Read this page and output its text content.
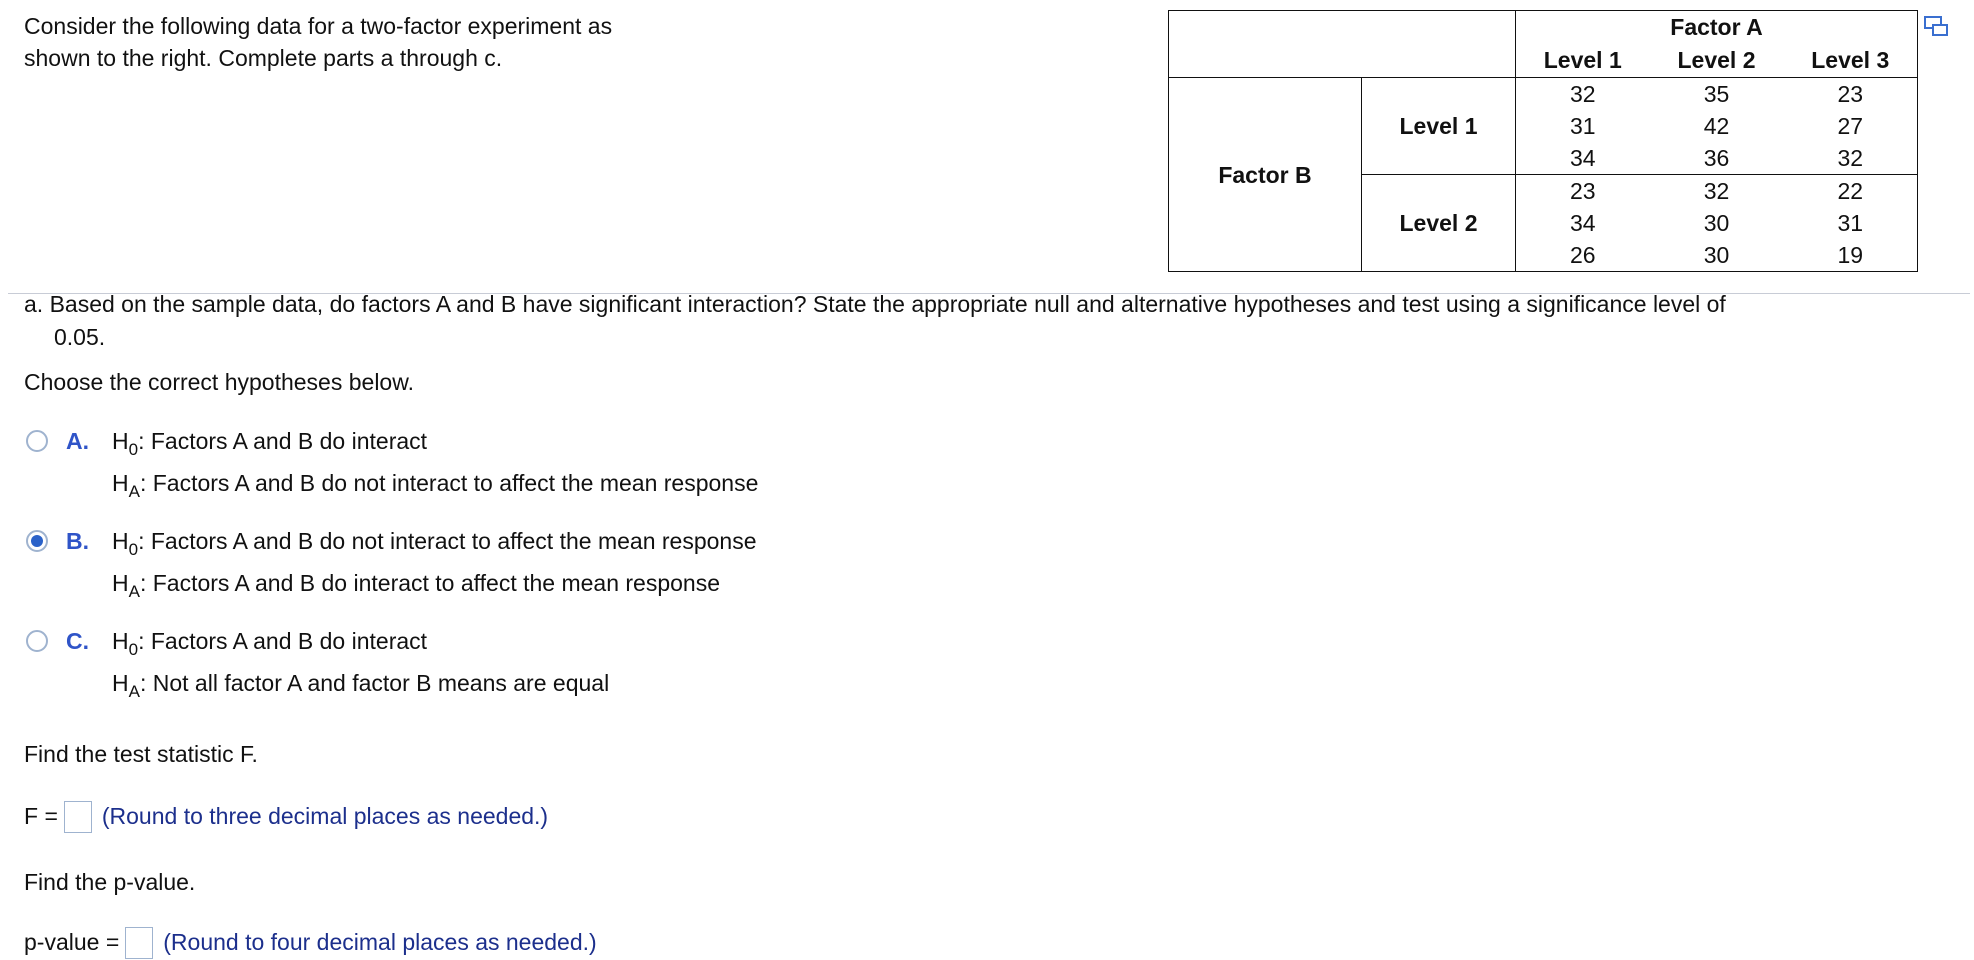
Consider the following data for a two-factor experiment as shown to the right. Complete parts a through c.

		Factor A		
		Level 1	Level 2	Level 3
Factor B	Level 1	32	35	23
		31	42	27
		34	36	32
	Level 2	23	32	22
		34	30	31
		26	30	19

a. Based on the sample data, do factors A and B have significant interaction? State the appropriate null and alternative hypotheses and test using a significance level of
0.05.

Choose the correct hypotheses below.

A. $H_0$: Factors A and B do interact
$H_A$: Factors A and B do not interact to affect the mean response
B. $H_0$: Factors A and B do not interact to affect the mean response
$H_A$: Factors A and B do interact to affect the mean response
C. $H_0$: Factors A and B do interact
$H_A$: Not all factor A and factor B means are equal

Find the test statistic F.

F = (Round to three decimal places as needed.)

Find the p-value.

p-value = (Round to four decimal places as needed.)
